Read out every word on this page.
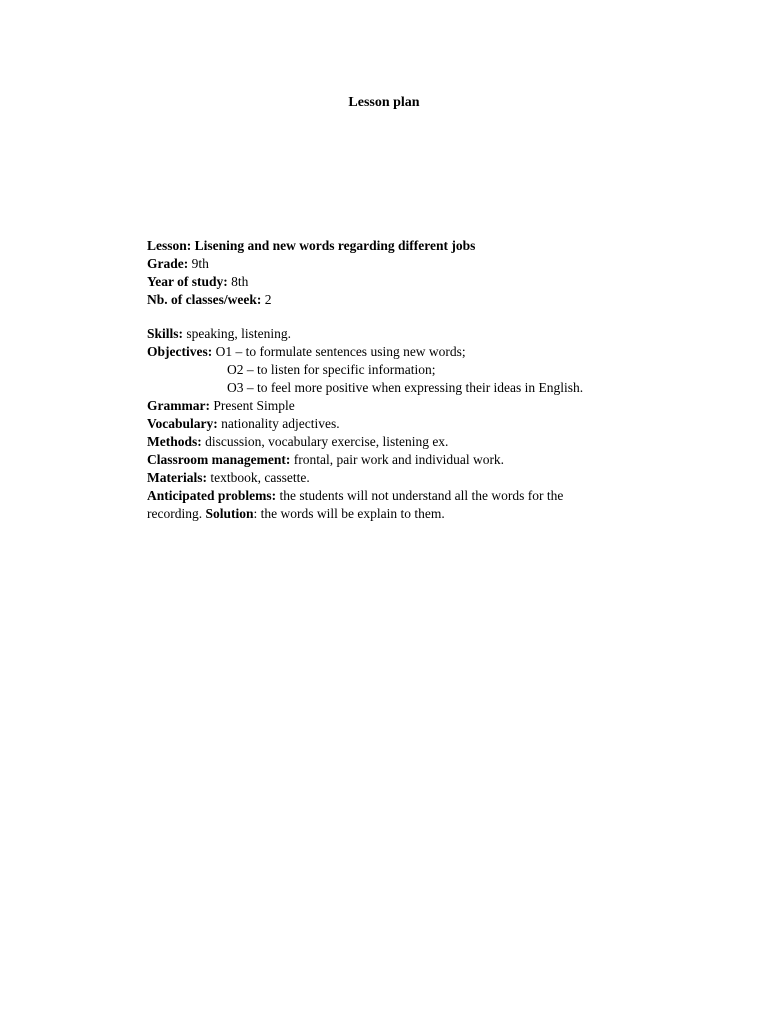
Lesson plan
Lesson: Lisening and new words regarding different jobs
Grade: 9th
Year of study: 8th
Nb. of classes/week: 2
Skills: speaking, listening.
Objectives: O1 – to formulate sentences using new words;
O2 – to listen for specific information;
O3 – to feel more positive when expressing their ideas in English.
Grammar: Present Simple
Vocabulary: nationality adjectives.
Methods: discussion, vocabulary exercise, listening ex.
Classroom management: frontal, pair work and individual work.
Materials: textbook, cassette.
Anticipated problems: the students will not understand all the words for the recording. Solution: the words will be explain to them.
